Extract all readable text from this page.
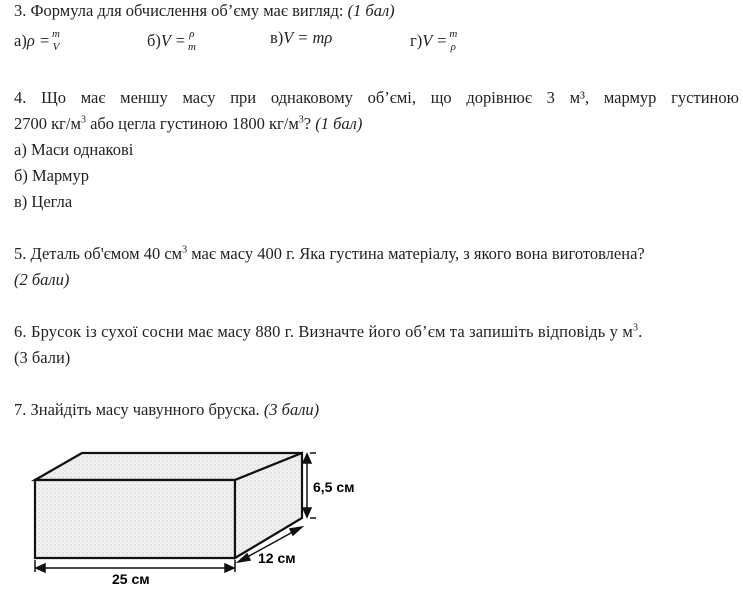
3. Формула для обчислення об’єму має вигляд: (1 бал)
а) ρ = m
V	б) V = ρ
m	в) V = mρ	г) V = m
ρ
4. Що має меншу масу при однаковому об’ємі, що дорівнює 3 м³, мармур густиною
2700 $кг/м^3$ або цегла густиною 1800 $кг/м^3$? (1 бал)
а) Маси однакові
б) Мармур
в) Цегла
5. Деталь об'ємом 40 $см^3$ має масу 400 г. Яка густина матеріалу, з якого вона виготовлена?
(2 бали)
6. Брусок із сухої сосни має масу 880 г. Визначте його об’єм та запишіть відповідь у $м^3$.
(3 бали)
7. Знайдіть масу чавунного бруска. (3 бали)
6,5 см
12 см
25 см
